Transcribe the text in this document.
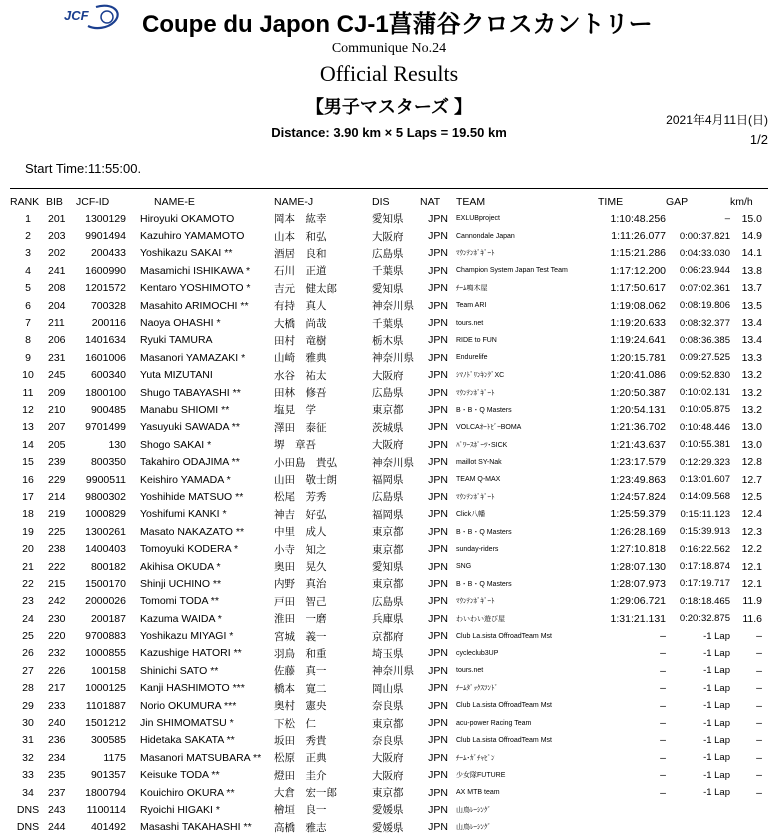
JCF Coupe du Japon CJ-1菖蒲谷クロスカントリー
Communique No.24
Official Results
【男子マスターズ 】
Distance: 3.90 km × 5 Laps = 19.50 km
2021年4月11日(日)
1/2
Start Time:11:55:00.
RANK	BIB	JCF-ID	NAME-E	NAME-J	DIS	NAT	TEAM	TIME	GAP	km/h
1	201	1300129	Hiroyuki OKAMOTO	岡本　紘幸	愛知県	JPN	EXLUBproject	1:10:48.256	–	15.0
2	203	9901494	Kazuhiro YAMAMOTO	山本　和弘	大阪府	JPN	Cannondale Japan	1:11:26.077	0:00:37.821	14.9
3	202	200433	Yoshikazu SAKAI **	酒居　良和	広島県	JPN	ﾏｳﾝﾃﾝﾎﾞｷﾞｰﾄ	1:15:21.286	0:04:33.030	14.1
4	241	1600990	Masamichi ISHIKAWA *	石川　正道	千葉県	JPN	Champion System Japan Test Team	1:17:12.200	0:06:23.944	13.8
5	208	1201572	Kentaro YOSHIMOTO *	吉元　健太郎	愛知県	JPN	ﾁｰﾑ鳴木屋	1:17:50.617	0:07:02.361	13.7
6	204	700328	Masahito ARIMOCHI **	有持　真人	神奈川県	JPN	Team ARI	1:19:08.062	0:08:19.806	13.5
7	211	200116	Naoya OHASHI *	大橋　尚哉	千葉県	JPN	tours.net	1:19:20.633	0:08:32.377	13.4
8	206	1401634	Ryuki TAMURA	田村　竜樹	栃木県	JPN	RIDE to FUN	1:19:24.641	0:08:36.385	13.4
9	231	1601006	Masanori YAMAZAKI *	山崎　雅典	神奈川県	JPN	Endurelife	1:20:15.781	0:09:27.525	13.3
10	245	600340	Yuta MIZUTANI	水谷　祐太	大阪府	JPN	ｼﾏﾉﾄﾞﾘﾝｷﾝｸﾞXC	1:20:41.086	0:09:52.830	13.2
11	209	1800100	Shugo TABAYASHI **	田林　修吾	広島県	JPN	ﾏｳﾝﾃﾝﾎﾞｷﾞｰﾄ	1:20:50.387	0:10:02.131	13.2
12	210	900485	Manabu SHIOMI **	塩見　学	東京都	JPN	B・B・Q Masters	1:20:54.131	0:10:05.875	13.2
13	207	9701499	Yasuyuki SAWADA **	澤田　泰征	茨城県	JPN	VOLCAｵｰﾄﾋﾞｰBOMA	1:21:36.702	0:10:48.446	13.0
14	205	130	Shogo SAKAI *	堺　章吾	大阪府	JPN	ﾊﾟﾜｰｽﾎﾟｰﾂ･SICK	1:21:43.637	0:10:55.381	13.0
15	239	800350	Takahiro ODAJIMA **	小田島　貴弘	神奈川県	JPN	maillot SY-Nak	1:23:17.579	0:12:29.323	12.8
16	229	9900511	Keishiro YAMADA *	山田　敬士朗	福岡県	JPN	TEAM Q-MAX	1:23:49.863	0:13:01.607	12.7
17	214	9800302	Yoshihide MATSUO **	松尾　芳秀	広島県	JPN	ﾏｳﾝﾃﾝﾎﾞｷﾞｰﾄ	1:24:57.824	0:14:09.568	12.5
18	219	1000829	Yoshifumi KANKI *	神吉　好弘	福岡県	JPN	Click八幡	1:25:59.379	0:15:11.123	12.4
19	225	1300261	Masato NAKAZATO **	中里　成人	東京都	JPN	B・B・Q Masters	1:26:28.169	0:15:39.913	12.3
20	238	1400403	Tomoyuki KODERA *	小寺　知之	東京都	JPN	sunday-riders	1:27:10.818	0:16:22.562	12.2
21	222	800182	Akihisa OKUDA *	奥田　晃久	愛知県	JPN	SNG	1:28:07.130	0:17:18.874	12.1
22	215	1500170	Shinji UCHINO **	内野　真治	東京都	JPN	B・B・Q Masters	1:28:07.973	0:17:19.717	12.1
23	242	2000026	Tomomi TODA **	戸田　智己	広島県	JPN	ﾏｳﾝﾃﾝﾎﾞｷﾞｰﾄ	1:29:06.721	0:18:18.465	11.9
24	230	200187	Kazuma WAIDA *	淮田　一磨	兵庫県	JPN	わいわい遊び屋	1:31:21.131	0:20:32.875	11.6
25	220	9700883	Yoshikazu MIYAGI *	宮城　義一	京都府	JPN	Club La.sista OffroadTeam Mst	–	-1 Lap	–
26	232	1000855	Kazushige HATORI **	羽鳥　和重	埼玉県	JPN	cycleclub3UP	–	-1 Lap	–
27	226	100158	Shinichi SATO **	佐藤　真一	神奈川県	JPN	tours.net	–	-1 Lap	–
28	217	1000125	Kanji HASHIMOTO ***	橋本　寛二	岡山県	JPN	ﾁｰﾑﾀﾞｯｸｽﾌﾝﾄﾞ	–	-1 Lap	–
29	233	1101887	Norio OKUMURA ***	奥村　憲央	奈良県	JPN	Club La.sista OffroadTeam Mst	–	-1 Lap	–
30	240	1501212	Jin SHIMOMATSU *	下松　仁	東京都	JPN	acu-power Racing Team	–	-1 Lap	–
31	236	300585	Hidetaka SAKATA **	坂田　秀貴	奈良県	JPN	Club La.sista OffroadTeam Mst	–	-1 Lap	–
32	234	1175	Masanori MATSUBARA **	松原　正典	大阪府	JPN	ﾁｰﾑ･ｶﾞﾁｬﾋﾟﾝ	–	-1 Lap	–
33	235	901357	Keisuke TODA **	燈田　圭介	大阪府	JPN	少女隊FUTURE	–	-1 Lap	–
34	237	1800794	Kouichiro OKURA **	大倉　宏一郎	東京都	JPN	AX MTB team	–	-1 Lap	–
DNS	243	1100114	Ryoichi HIGAKI *	檜垣　良一	愛媛県	JPN	山鳥ﾚｰｼﾝｸﾞ			
DNS	244	401492	Masashi TAKAHASHI **	高橋　雅志	愛媛県	JPN	山鳥ﾚｰｼﾝｸﾞ			
